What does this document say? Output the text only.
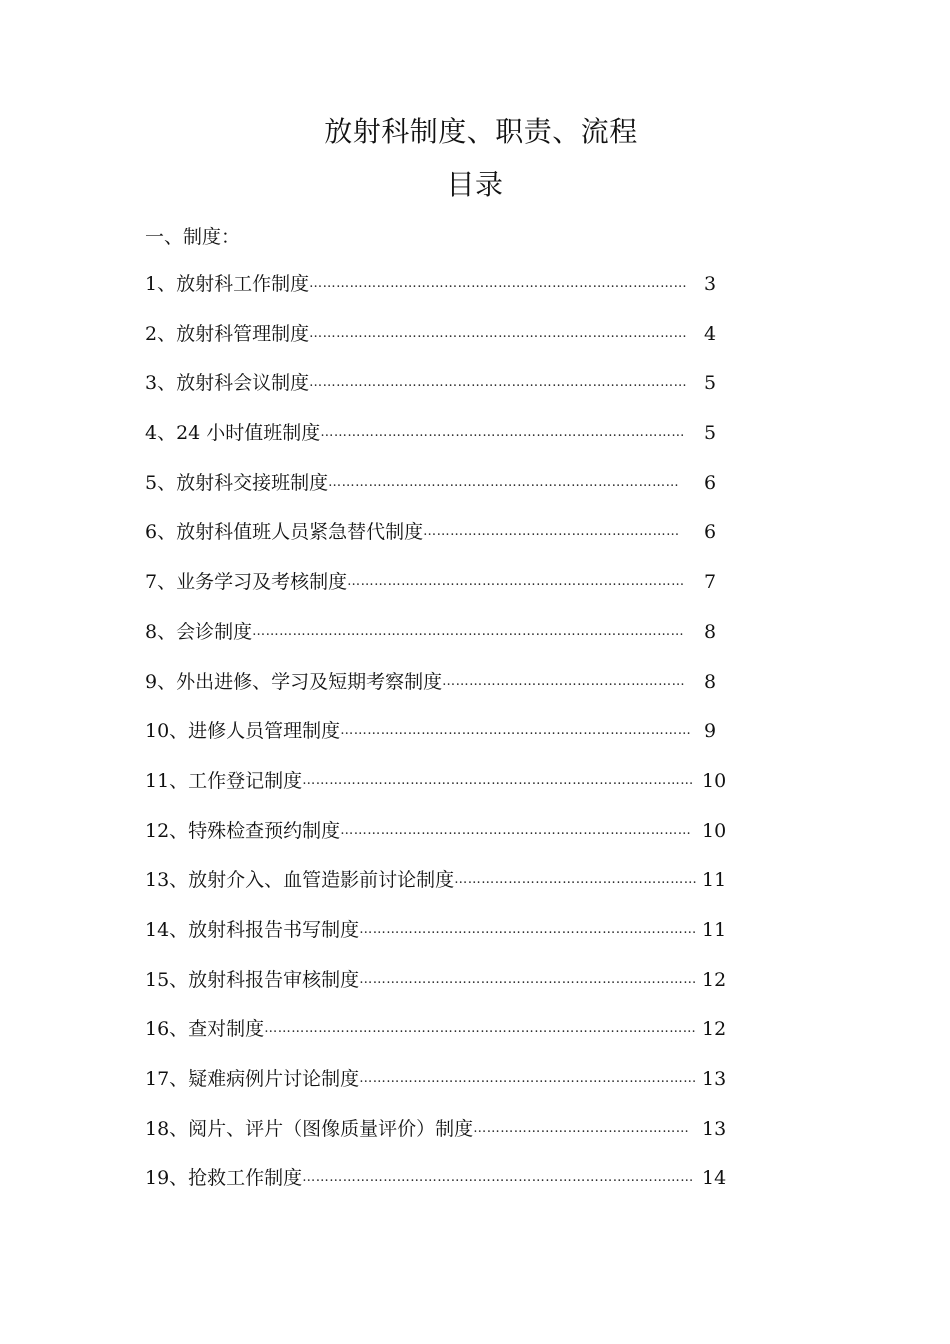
放射科制度、职责、流程
目录
一、制度：
1、放射科工作制度 ………………………………………………………………………… 3
2、放射科管理制度 ………………………………………………………………………… 4
3、放射科会议制度 ………………………………………………………………………… 5
4、24 小时值班制度 ………………………………………………………………………	5
5、放射科交接班制度 ……………………………………………………………………	6
6、放射科值班人员紧急替代制度 …………………………………………………	6
7、业务学习及考核制度 …………………………………………………………………	7
8、会诊制度 ……………………………………………………………………………………	8
9、外出进修、学习及短期考察制度 ……………………………………………… 8
10、进修人员管理制度 …………………………………………………………………… 9
11、工作登记制度 …………………………………………………………………………… 10
12、特殊检查预约制度 …………………………………………………………………… 10
13、放射介入、血管造影前讨论制度 ……………………………………………… 11
14、放射科报告书写制度 ………………………………………………………………… 11
15、放射科报告审核制度 ………………………………………………………………… 12
16、查对制度 …………………………………………………………………………………… 12
17、疑难病例片讨论制度 ………………………………………………………………… 13
18、阅片、评片（图像质量评价）制度 ………………………………………… 13
19、抢救工作制度 …………………………………………………………………………… 14
